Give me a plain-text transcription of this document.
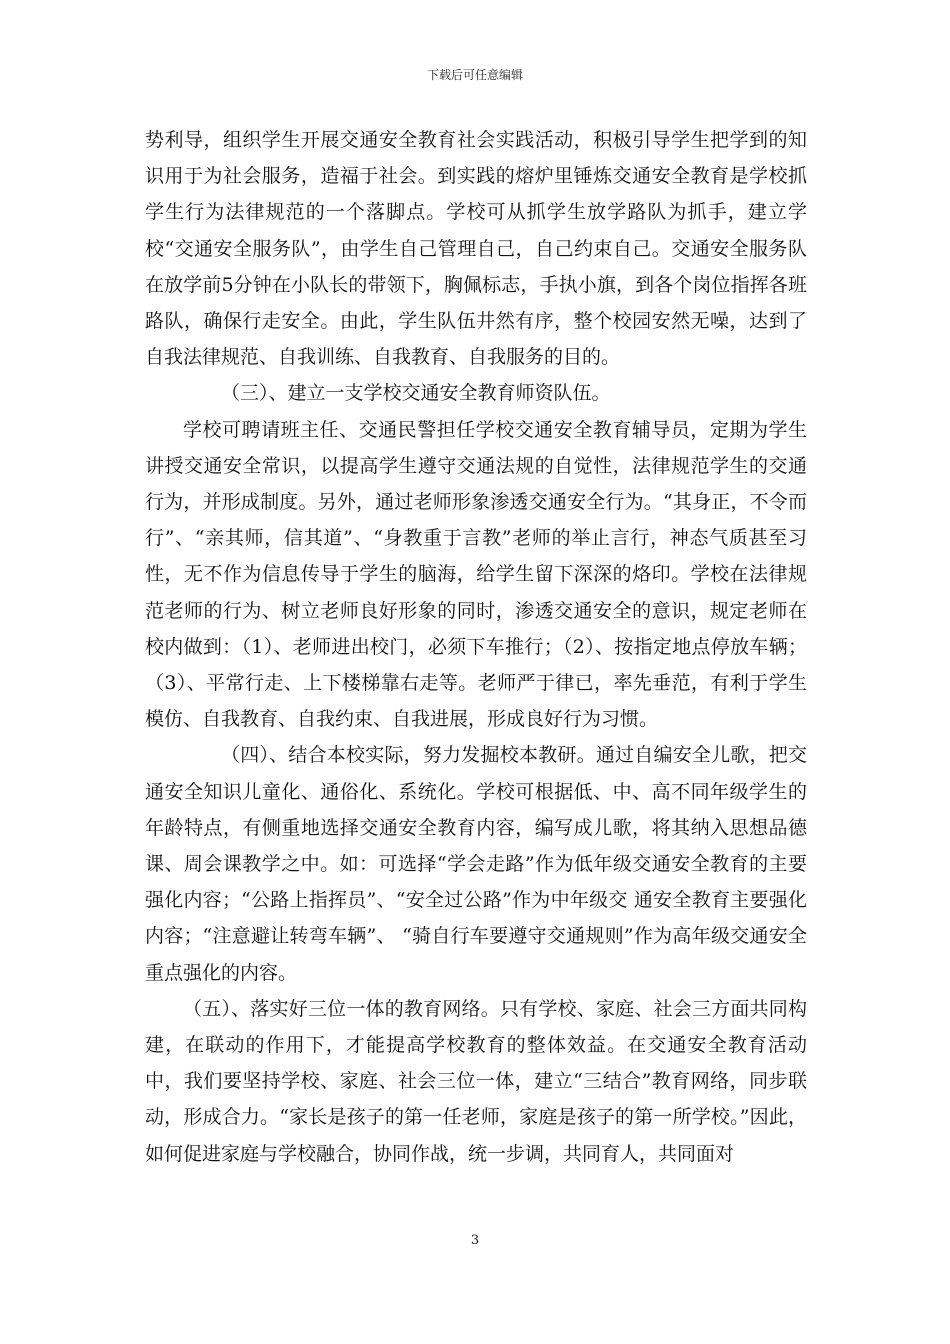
下载后可任意编辑

势利导，组织学生开展交通安全教育社会实践活动，积极引导学生把学到的知识用于为社会服务，造福于社会。到实践的熔炉里锤炼交通安全教育是学校抓学生行为法律规范的一个落脚点。学校可从抓学生放学路队为抓手，建立学校“交通安全服务队”，由学生自己管理自己，自己约束自己。交通安全服务队在放学前5分钟在小队长的带领下，胸佩标志，手执小旗，到各个岗位指挥各班路队，确保行走安全。由此，学生队伍井然有序，整个校园安然无噪，达到了自我法律规范、自我训练、自我教育、自我服务的目的。

（三）、建立一支学校交通安全教育师资队伍。

学校可聘请班主任、交通民警担任学校交通安全教育辅导员，定期为学生讲授交通安全常识，以提高学生遵守交通法规的自觉性，法律规范学生的交通行为，并形成制度。另外，通过老师形象渗透交通安全行为。“其身正，不令而行”、“亲其师，信其道”、“身教重于言教”老师的举止言行，神态气质甚至习性，无不作为信息传导于学生的脑海，给学生留下深深的烙印。学校在法律规范老师的行为、树立老师良好形象的同时，渗透交通安全的意识，规定老师在校内做到：（1）、老师进出校门，必须下车推行；（2）、按指定地点停放车辆；（3）、平常行走、上下楼梯靠右走等。老师严于律已，率先垂范，有利于学生模仿、自我教育、自我约束、自我进展，形成良好行为习惯。

（四）、结合本校实际，努力发掘校本教研。通过自编安全儿歌，把交通安全知识儿童化、通俗化、系统化。学校可根据低、中、高不同年级学生的年龄特点，有侧重地选择交通安全教育内容，编写成儿歌，将其纳入思想品德课、周会课教学之中。如：可选择“学会走路”作为低年级交通安全教育的主要强化内容；“公路上指挥员”、“安全过公路”作为中年级交 通安全教育主要强化内容；“注意避让转弯车辆”、 “骑自行车要遵守交通规则”作为高年级交通安全重点强化的内容。

（五）、落实好三位一体的教育网络。只有学校、家庭、社会三方面共同构建，在联动的作用下，才能提高学校教育的整体效益。在交通安全教育活动中，我们要坚持学校、家庭、社会三位一体，建立“三结合”教育网络，同步联动，形成合力。“家长是孩子的第一任老师，家庭是孩子的第一所学校。”因此，如何促进家庭与学校融合，协同作战，统一步调，共同育人，共同面对

3
